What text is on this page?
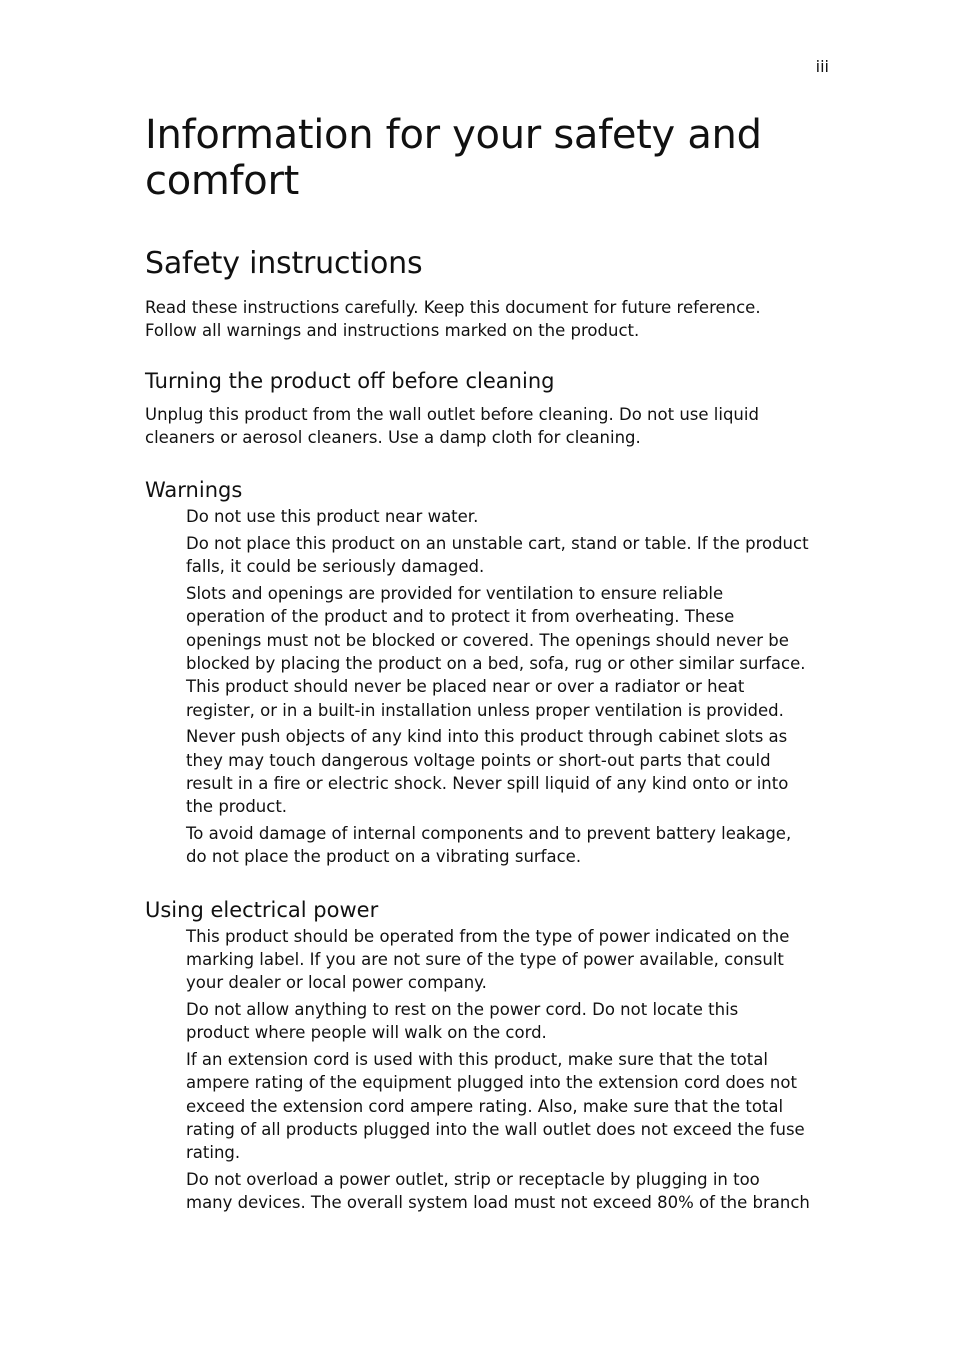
iii
Information for your safety and comfort
Safety instructions

Read these instructions carefully. Keep this document for future reference.
Follow all warnings and instructions marked on the product.

Turning the product off before cleaning

Unplug this product from the wall outlet before cleaning. Do not use liquid
cleaners or aerosol cleaners. Use a damp cloth for cleaning.

Warnings

Do not use this product near water.

Do not place this product on an unstable cart, stand or table. If the product
falls, it could be seriously damaged.

Slots and openings are provided for ventilation to ensure reliable
operation of the product and to protect it from overheating. These
openings must not be blocked or covered. The openings should never be
blocked by placing the product on a bed, sofa, rug or other similar surface.
This product should never be placed near or over a radiator or heat
register, or in a built-in installation unless proper ventilation is provided.

Never push objects of any kind into this product through cabinet slots as
they may touch dangerous voltage points or short-out parts that could
result in a fire or electric shock. Never spill liquid of any kind onto or into
the product.

To avoid damage of internal components and to prevent battery leakage,
do not place the product on a vibrating surface.

Using electrical power

This product should be operated from the type of power indicated on the
marking label. If you are not sure of the type of power available, consult
your dealer or local power company.

Do not allow anything to rest on the power cord. Do not locate this
product where people will walk on the cord.

If an extension cord is used with this product, make sure that the total
ampere rating of the equipment plugged into the extension cord does not
exceed the extension cord ampere rating. Also, make sure that the total
rating of all products plugged into the wall outlet does not exceed the fuse
rating.

Do not overload a power outlet, strip or receptacle by plugging in too
many devices. The overall system load must not exceed 80% of the branch
